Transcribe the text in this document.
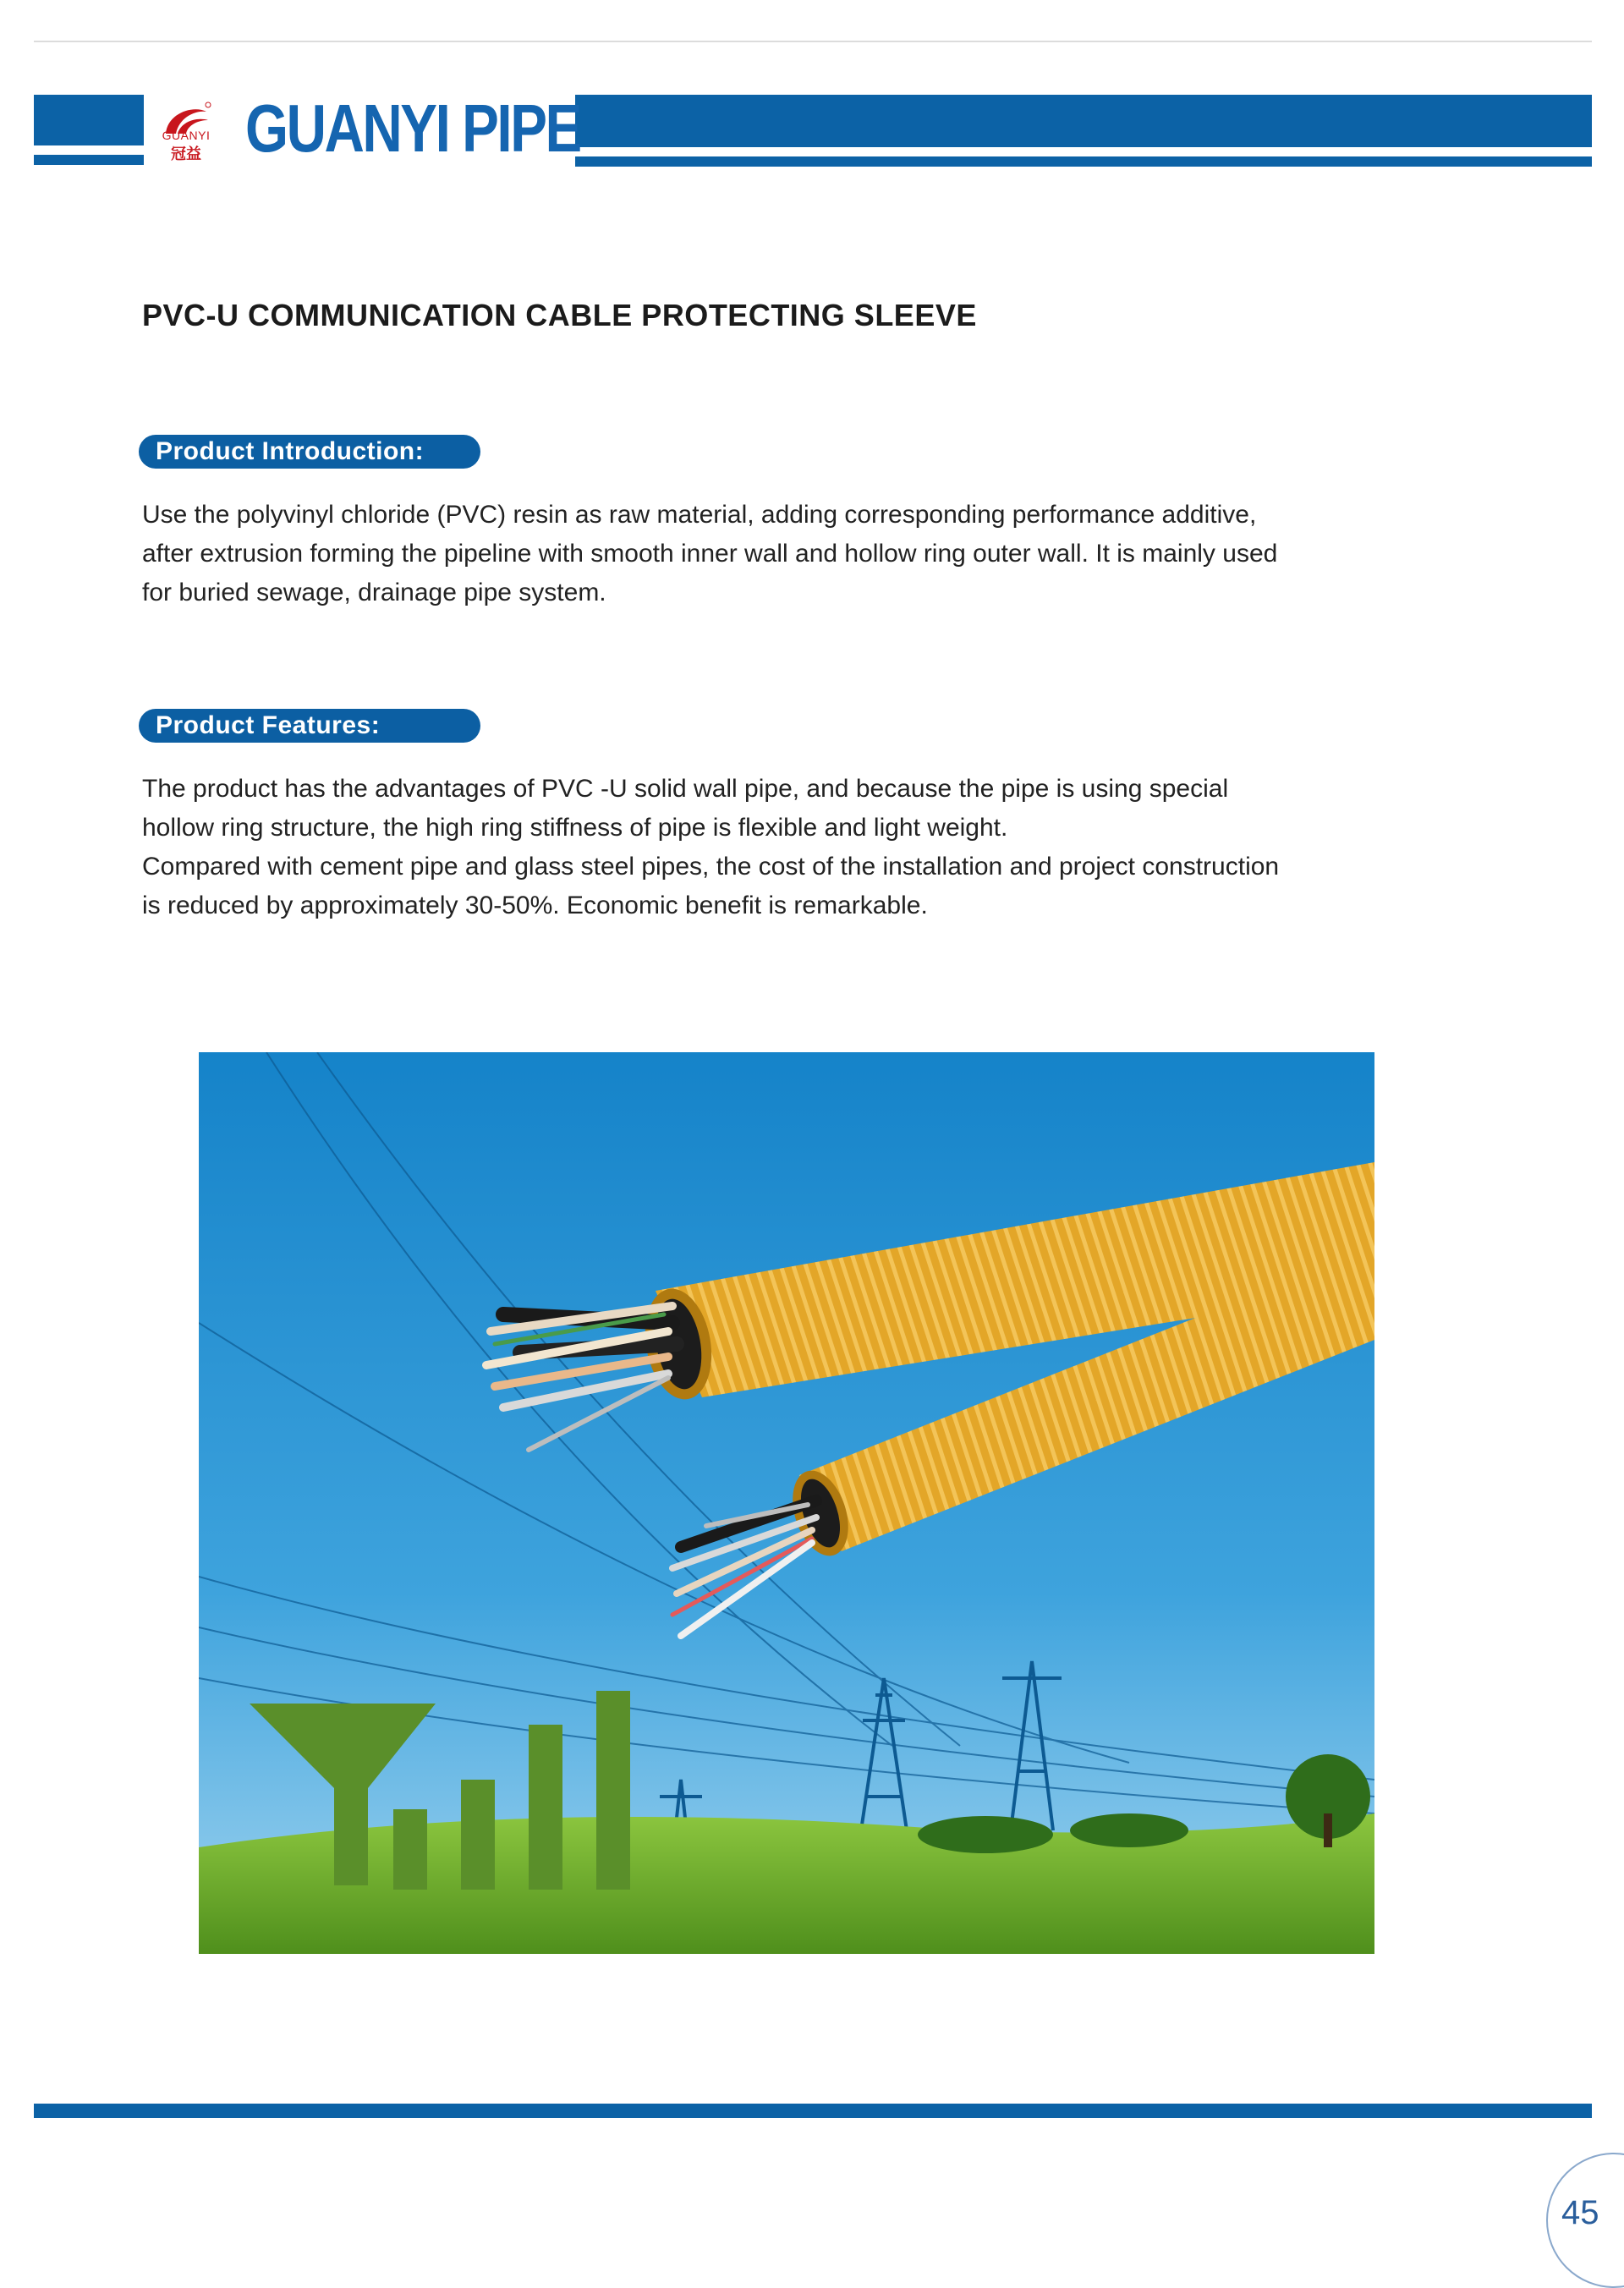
GUANYI
冠益 GUANYI PIPE
PVC-U COMMUNICATION CABLE PROTECTING SLEEVE
Product Introduction:

Use the polyvinyl chloride (PVC) resin as raw material, adding corresponding performance additive,

after extrusion forming the pipeline with smooth inner wall and hollow ring outer wall. It is mainly used

for buried sewage, drainage pipe system.

Product Features:

The product has the advantages of PVC -U solid wall pipe, and because the pipe is using special

hollow ring structure, the high ring stiffness of pipe is flexible and light weight.

Compared with cement pipe and glass steel pipes, the cost of the installation and project construction

is reduced by approximately 30-50%. Economic benefit is remarkable.

45
